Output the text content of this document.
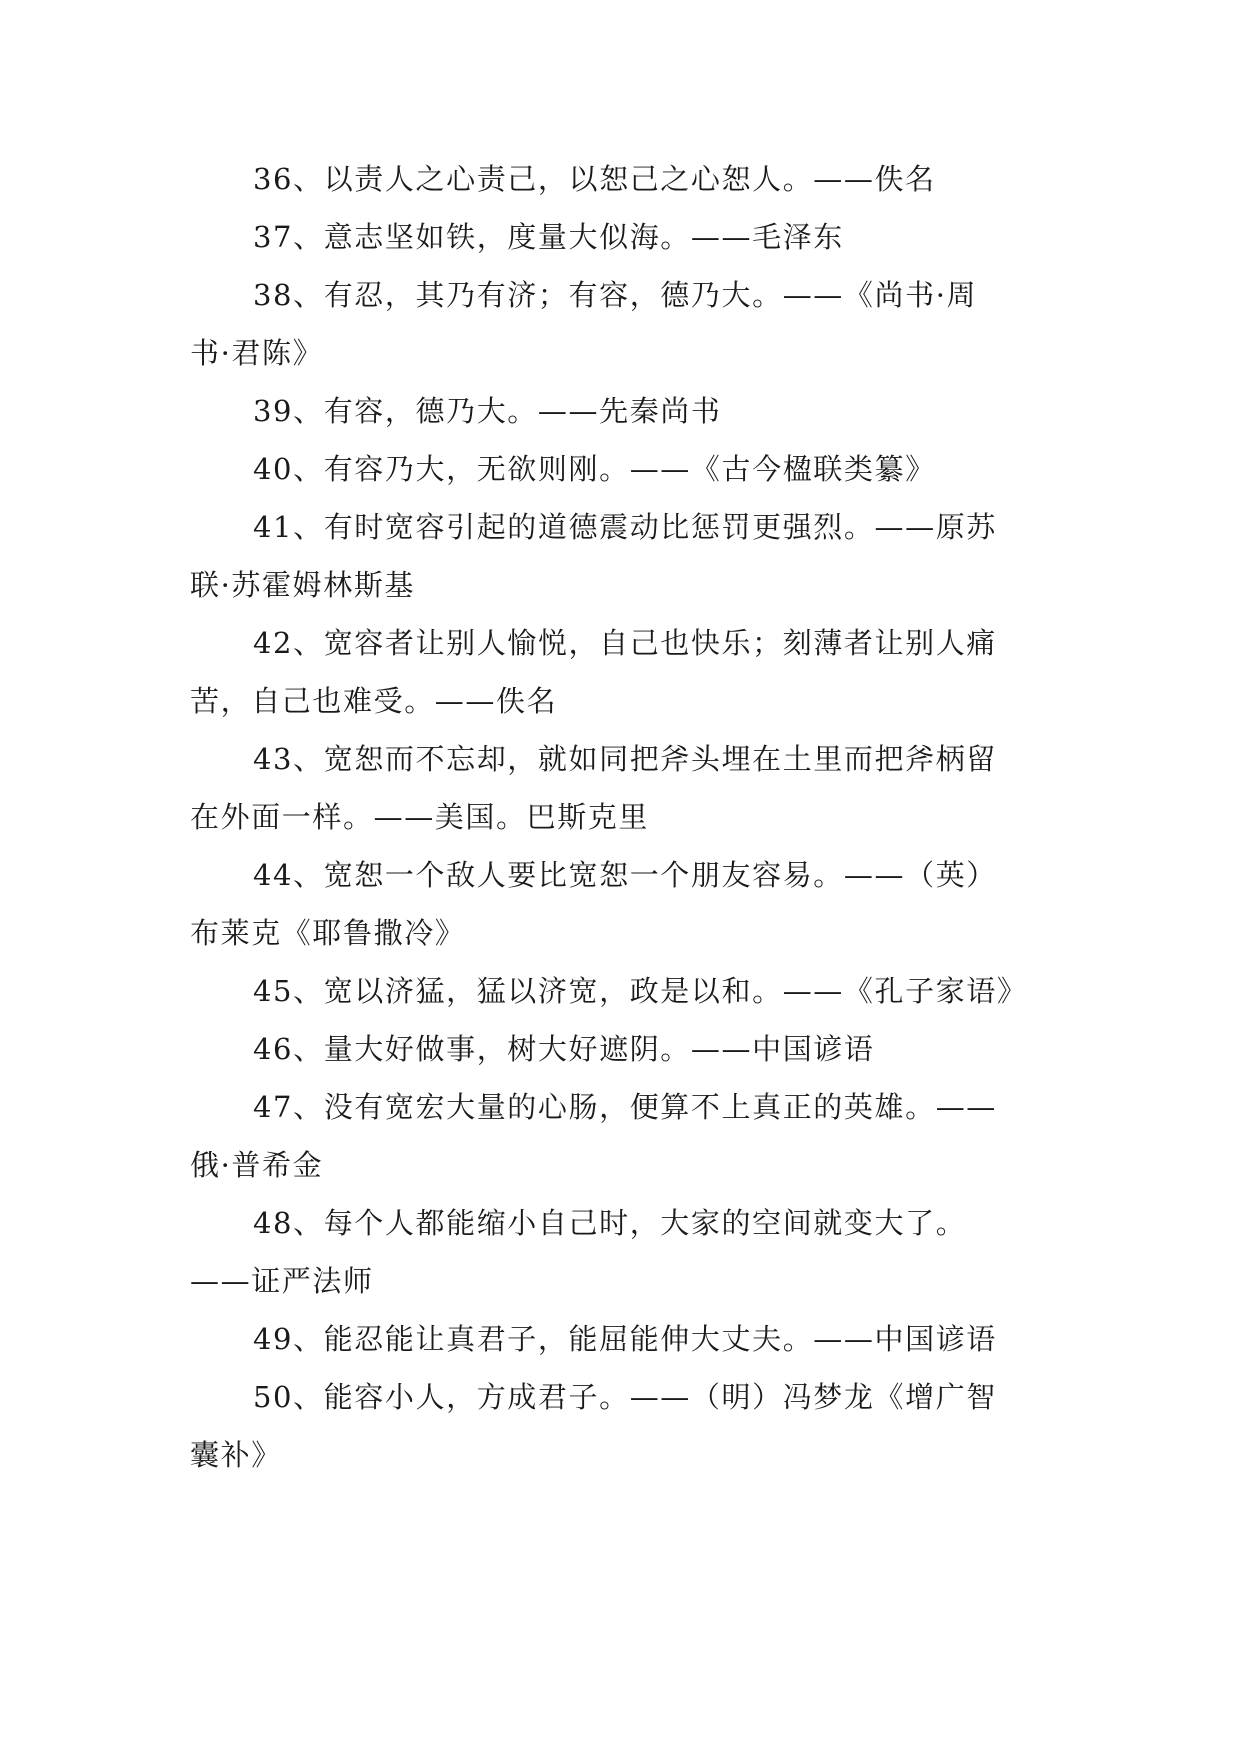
36、以责人之心责己，以恕己之心恕人。——佚名
37、意志坚如铁，度量大似海。——毛泽东
38、有忍，其乃有济；有容，德乃大。——《尚书·周
书·君陈》
39、有容，德乃大。——先秦尚书
40、有容乃大，无欲则刚。——《古今楹联类纂》
41、有时宽容引起的道德震动比惩罚更强烈。——原苏
联·苏霍姆林斯基
42、宽容者让别人愉悦，自己也快乐；刻薄者让别人痛
苦，自己也难受。——佚名
43、宽恕而不忘却，就如同把斧头埋在土里而把斧柄留
在外面一样。——美国。巴斯克里
44、宽恕一个敌人要比宽恕一个朋友容易。——（英）
布莱克《耶鲁撒冷》
45、宽以济猛，猛以济宽，政是以和。——《孔子家语》
46、量大好做事，树大好遮阴。——中国谚语
47、没有宽宏大量的心肠，便算不上真正的英雄。——
俄·普希金
48、每个人都能缩小自己时，大家的空间就变大了。
——证严法师
49、能忍能让真君子，能屈能伸大丈夫。——中国谚语
50、能容小人，方成君子。——（明）冯梦龙《增广智
囊补》
